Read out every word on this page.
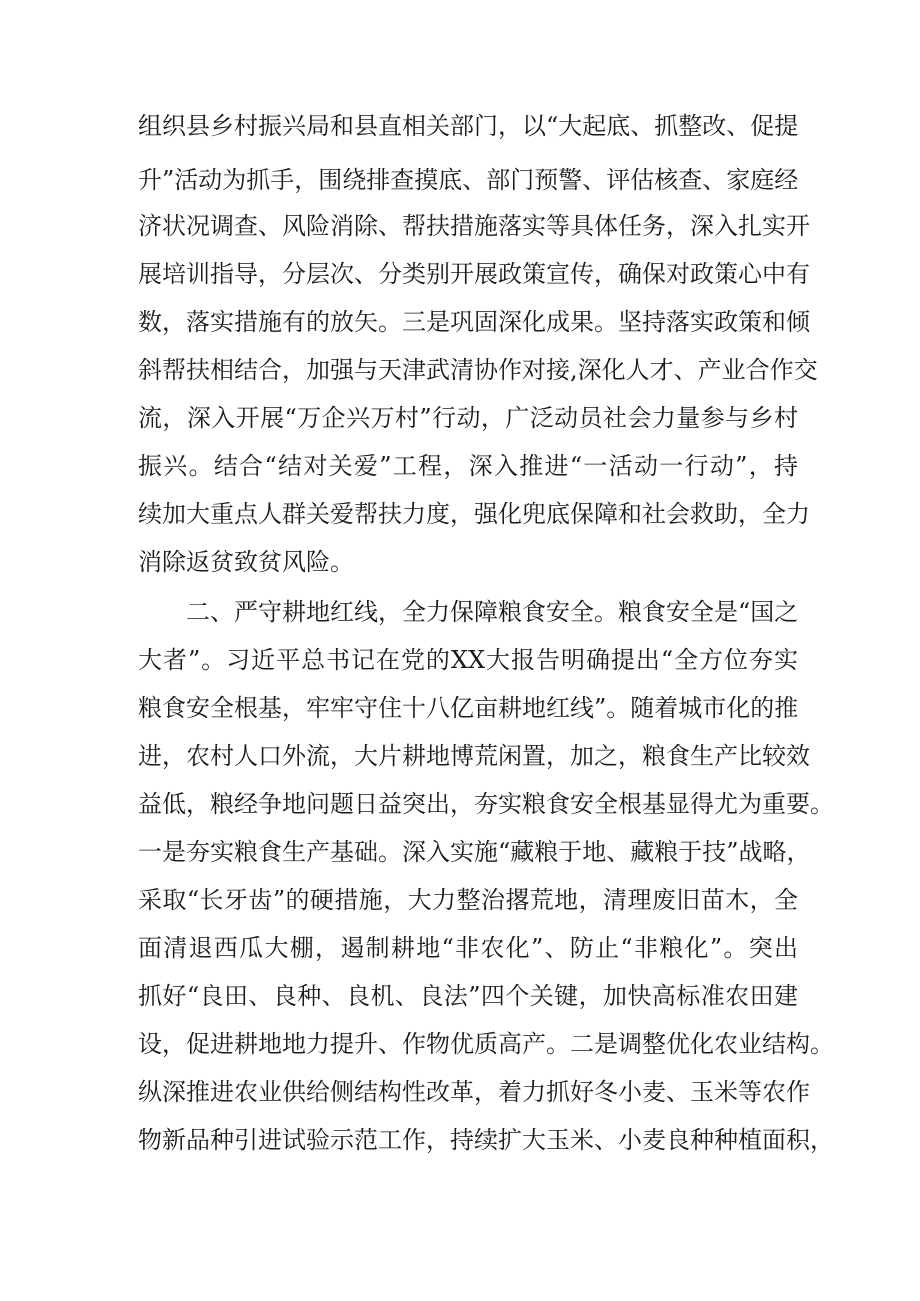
组织县乡村振兴局和县直相关部门，以“大起底、抓整改、促提
升”活动为抓手，围绕排查摸底、部门预警、评估核查、家庭经
济状况调查、风险消除、帮扶措施落实等具体任务，深入扎实开
展培训指导，分层次、分类别开展政策宣传，确保对政策心中有
数，落实措施有的放矢。三是巩固深化成果。坚持落实政策和倾
斜帮扶相结合，加强与天津武清协作对接,深化人才、产业合作交
流，深入开展“万企兴万村”行动，广泛动员社会力量参与乡村
振兴。结合“结对关爱”工程，深入推进“一活动一行动”，持
续加大重点人群关爱帮扶力度，强化兜底保障和社会救助，全力
消除返贫致贫风险。
二、严守耕地红线，全力保障粮食安全。粮食安全是“国之
大者”。习近平总书记在党的XX大报告明确提出“全方位夯实
粮食安全根基，牢牢守住十八亿亩耕地红线”。随着城市化的推
进，农村人口外流，大片耕地博荒闲置，加之，粮食生产比较效
益低，粮经争地问题日益突出，夯实粮食安全根基显得尤为重要。
一是夯实粮食生产基础。深入实施“藏粮于地、藏粮于技”战略，
采取“长牙齿”的硬措施，大力整治撂荒地，清理废旧苗木，全
面清退西瓜大棚，遏制耕地“非农化”、防止“非粮化”。突出
抓好“良田、良种、良机、良法”四个关键，加快高标准农田建
设，促进耕地地力提升、作物优质高产。二是调整优化农业结构。
纵深推进农业供给侧结构性改革，着力抓好冬小麦、玉米等农作
物新品种引进试验示范工作，持续扩大玉米、小麦良种种植面积，
